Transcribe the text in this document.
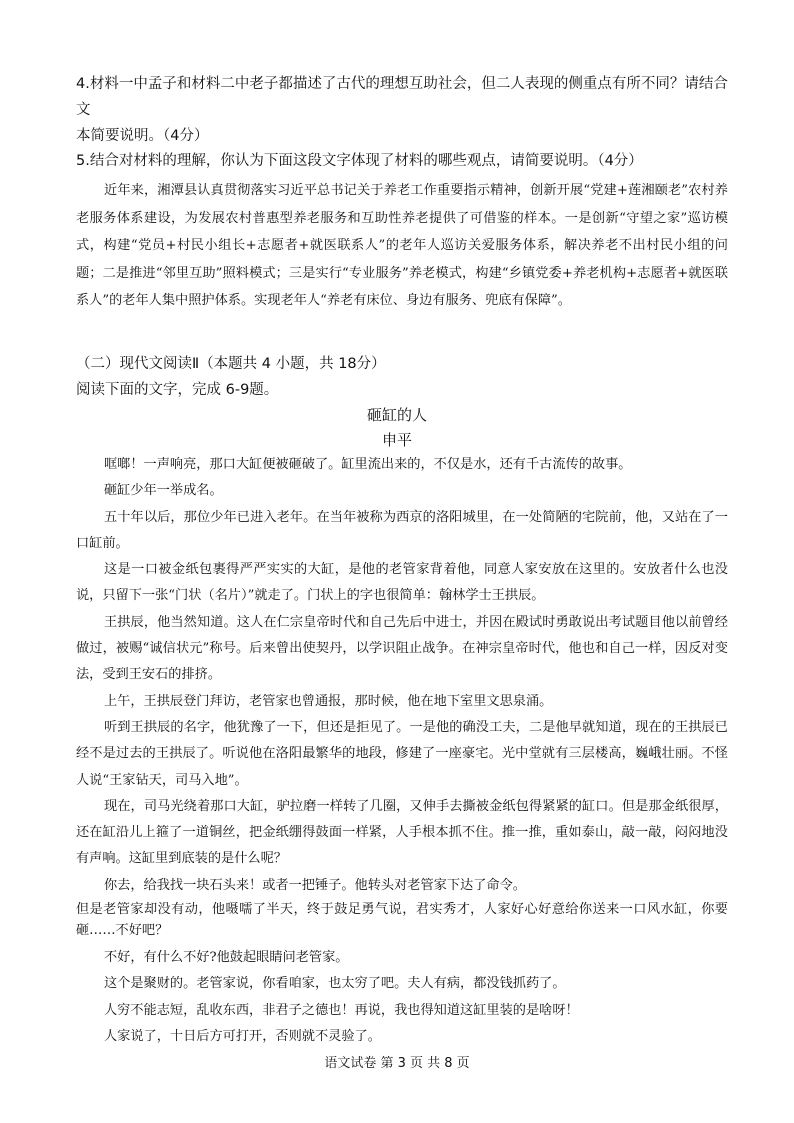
4.材料一中孟子和材料二中老子都描述了古代的理想互助社会，但二人表现的侧重点有所不同？请结合文
本简要说明。（4分）
5.结合对材料的理解，你认为下面这段文字体现了材料的哪些观点，请简要说明。（4分）
近年来，湘潭县认真贯彻落实习近平总书记关于养老工作重要指示精神，创新开展“党建+莲湘颐老”农村养老服务体系建设，为发展农村普惠型养老服务和互助性养老提供了可借鉴的样本。一是创新“守望之家”巡访模式，构建“党员+村民小组长+志愿者+就医联系人”的老年人巡访关爱服务体系，解决养老不出村民小组的问题；二是推进“邻里互助”照料模式；三是实行“专业服务”养老模式，构建“乡镇党委+养老机构+志愿者+就医联系人”的老年人集中照护体系。实现老年人“养老有床位、身边有服务、兜底有保障”。
（二）现代文阅读Ⅱ（本题共 4 小题，共 18分）
阅读下面的文字，完成 6-9题。
砸缸的人
申平

哐啷！一声响亮，那口大缸便被砸破了。缸里流出来的，不仅是水，还有千古流传的故事。

砸缸少年一举成名。

五十年以后，那位少年已进入老年。在当年被称为西京的洛阳城里，在一处简陋的宅院前，他，又站在了一口缸前。

这是一口被金纸包裹得严严实实的大缸，是他的老管家背着他，同意人家安放在这里的。安放者什么也没说，只留下一张“门状（名片）”就走了。门状上的字也很简单：翰林学士王拱辰。

王拱辰，他当然知道。这人在仁宗皇帝时代和自己先后中进士，并因在殿试时勇敢说出考试题目他以前曾经做过，被赐“诚信状元”称号。后来曾出使契丹，以学识阻止战争。在神宗皇帝时代，他也和自己一样，因反对变法，受到王安石的排挤。

上午，王拱辰登门拜访，老管家也曾通报，那时候，他在地下室里文思泉涌。

听到王拱辰的名字，他犹豫了一下，但还是拒见了。一是他的确没工夫，二是他早就知道，现在的王拱辰已经不是过去的王拱辰了。听说他在洛阳最繁华的地段，修建了一座豪宅。光中堂就有三层楼高，巍峨壮丽。不怪人说“王家钻天，司马入地”。

现在，司马光绕着那口大缸，驴拉磨一样转了几圈，又伸手去撕被金纸包得紧紧的缸口。但是那金纸很厚，还在缸沿儿上箍了一道铜丝，把金纸绷得鼓面一样紧，人手根本抓不住。推一推，重如泰山，敲一敲，闷闷地没有声响。这缸里到底装的是什么呢？

你去，给我找一块石头来！或者一把锤子。他转头对老管家下达了命令。

但是老管家却没有动，他嗫嚅了半天，终于鼓足勇气说，君实秀才，人家好心好意给你送来一口风水缸，你要砸……不好吧？

不好，有什么不好?他鼓起眼睛问老管家。

这个是聚财的。老管家说，你看咱家，也太穷了吧。夫人有病，都没钱抓药了。

人穷不能志短，乱收东西，非君子之德也！再说，我也得知道这缸里装的是啥呀！

人家说了，十日后方可打开，否则就不灵验了。

语文试卷 第 3 页 共 8 页
